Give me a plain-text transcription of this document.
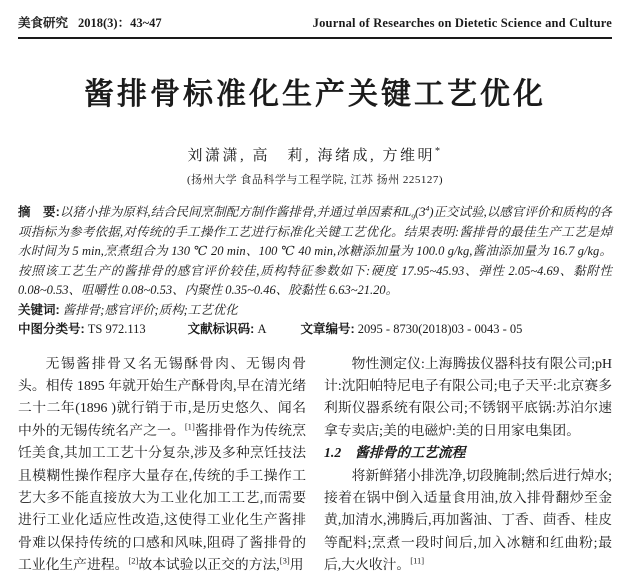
美食研究 2018(3)：43~47	Journal of Researches on Dietetic Science and Culture
酱排骨标准化生产关键工艺优化
刘潇潇, 高　莉, 海绪成, 方维明*
(扬州大学 食品科学与工程学院, 江苏 扬州 225127)
摘　要:以猪小排为原料,结合民间烹制配方制作酱排骨,并通过单因素和$L_9(3^4)$正交试验,以感官评价和质构的各项指标为参考依据,对传统的手工操作工艺进行标准化关键工艺优化。结果表明:酱排骨的最佳生产工艺是焯水时间为 5 min,烹煮组合为 130 ℃ 20 min、100 ℃ 40 min,冰糖添加量为 100.0 g/kg,酱油添加量为 16.7 g/kg。按照该工艺生产的酱排骨的感官评价较佳,质构特征参数如下:硬度 17.95~45.93、弹性 2.05~4.69、黏附性 0.08~0.53、咀嚼性 0.08~0.53、内聚性 0.35~0.46、胶黏性 6.63~21.20。
关键词: 酱排骨;感官评价;质构;工艺优化
中图分类号: TS 972.113	文献标识码: A	文章编号: 2095 - 8730(2018)03 - 0043 - 05

无锡酱排骨又名无锡酥骨肉、无锡肉骨头。相传 1895 年就开始生产酥骨肉,早在清光绪二十二年(1896 )就行销于市,是历史悠久、闻名中外的无锡传统名产之一。[1]酱排骨作为传统烹饪美食,其加工工艺十分复杂,涉及多种烹饪技法且模糊性操作程序大量存在,传统的手工操作工艺大多不能直接放大为工业化加工工艺,而需要进行工业化适应性改造,这使得工业化生产酱排骨难以保持传统的口感和风味,阻碍了酱排骨的工业化生产进程。[2]故本试验以正交的方法,[3]用

物性测定仪:上海腾拔仪器科技有限公司;pH 计:沈阳帕特尼电子有限公司;电子天平:北京赛多利斯仪器系统有限公司;不锈钢平底锅:苏泊尔速拿专卖店;美的电磁炉:美的日用家电集团。

1.2　酱排骨的工艺流程

将新鲜猪小排洗净,切段腌制;然后进行焯水;接着在锅中倒入适量食用油,放入排骨翻炒至金黄,加清水,沸腾后,再加酱油、丁香、茴香、桂皮等配料;烹煮一段时间后,加入冰糖和红曲粉;最后,大火收汁。[11]
